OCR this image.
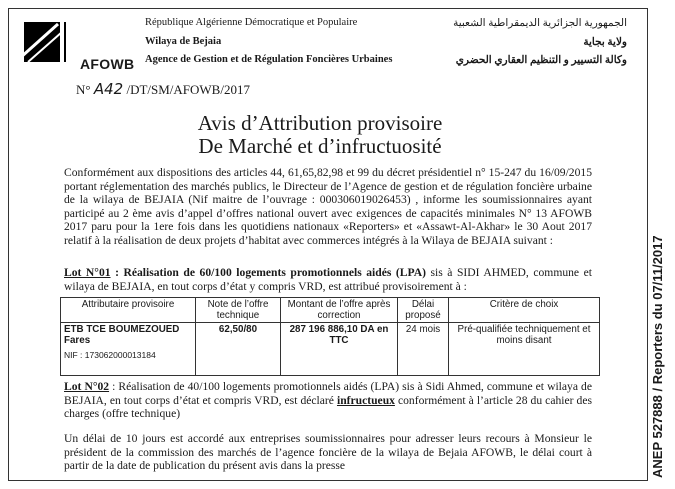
AFOWB
République Algérienne Démocratique et Populaire
Wilaya de Bejaia
Agence de Gestion et de Régulation Foncières Urbaines
الجمهورية الجزائرية الديمقراطية الشعبية
ولاية بجاية
وكالة التسيير و التنظيم العقاري الحضري
N° A42 /DT/SM/AFOWB/2017
Avis d’Attribution provisoire
De Marché et d’infructuosité
Conformément aux dispositions des articles 44, 61,65,82,98 et 99 du décret présidentiel n° 15-247 du 16/09/2015 portant réglementation des marchés publics, le Directeur de l’Agence de gestion et de régulation foncière urbaine de la wilaya de BEJAIA (Nif maitre de l’ouvrage : 000306019026453) , informe les soumissionnaires ayant participé au 2 ème avis d’appel d’offres national ouvert avec exigences de capacités minimales N° 13 AFOWB 2017 paru pour la 1ere fois dans les quotidiens nationaux «Reporters» et «Assawt-Al-Akhar» le 30 Aout 2017 relatif à la réalisation de deux projets d’habitat avec commerces intégrés à la Wilaya de BEJAIA suivant :
Lot N°01 : Réalisation de 60/100 logements promotionnels aidés (LPA) sis à SIDI AHMED, commune et wilaya de BEJAIA, en tout corps d’état y compris VRD, est attribué provisoirement à :
Attributaire provisoire	Note de l’offre technique	Montant de l’offre après correction	Délai proposé	Critère de choix
ETB TCE BOUMEZOUED Fares
NIF : 173062000013184	62,50/80	287 196 886,10 DA en TTC	24 mois	Pré-qualifiée techniquement et moins disant
Lot N°02 : Réalisation de 40/100 logements promotionnels aidés (LPA) sis à Sidi Ahmed, commune et wilaya de BEJAIA, en tout corps d’état et compris VRD, est déclaré infructueux conformément à l’article 28 du cahier des charges (offre technique)
Un délai de 10 jours est accordé aux entreprises soumissionnaires pour adresser leurs recours à Monsieur le président de la commission des marchés de l’agence foncière de la wilaya de Bejaia AFOWB, le délai court à partir de la date de publication du présent avis dans la presse	ANEP 527888 / Reporters du 07/11/2017
